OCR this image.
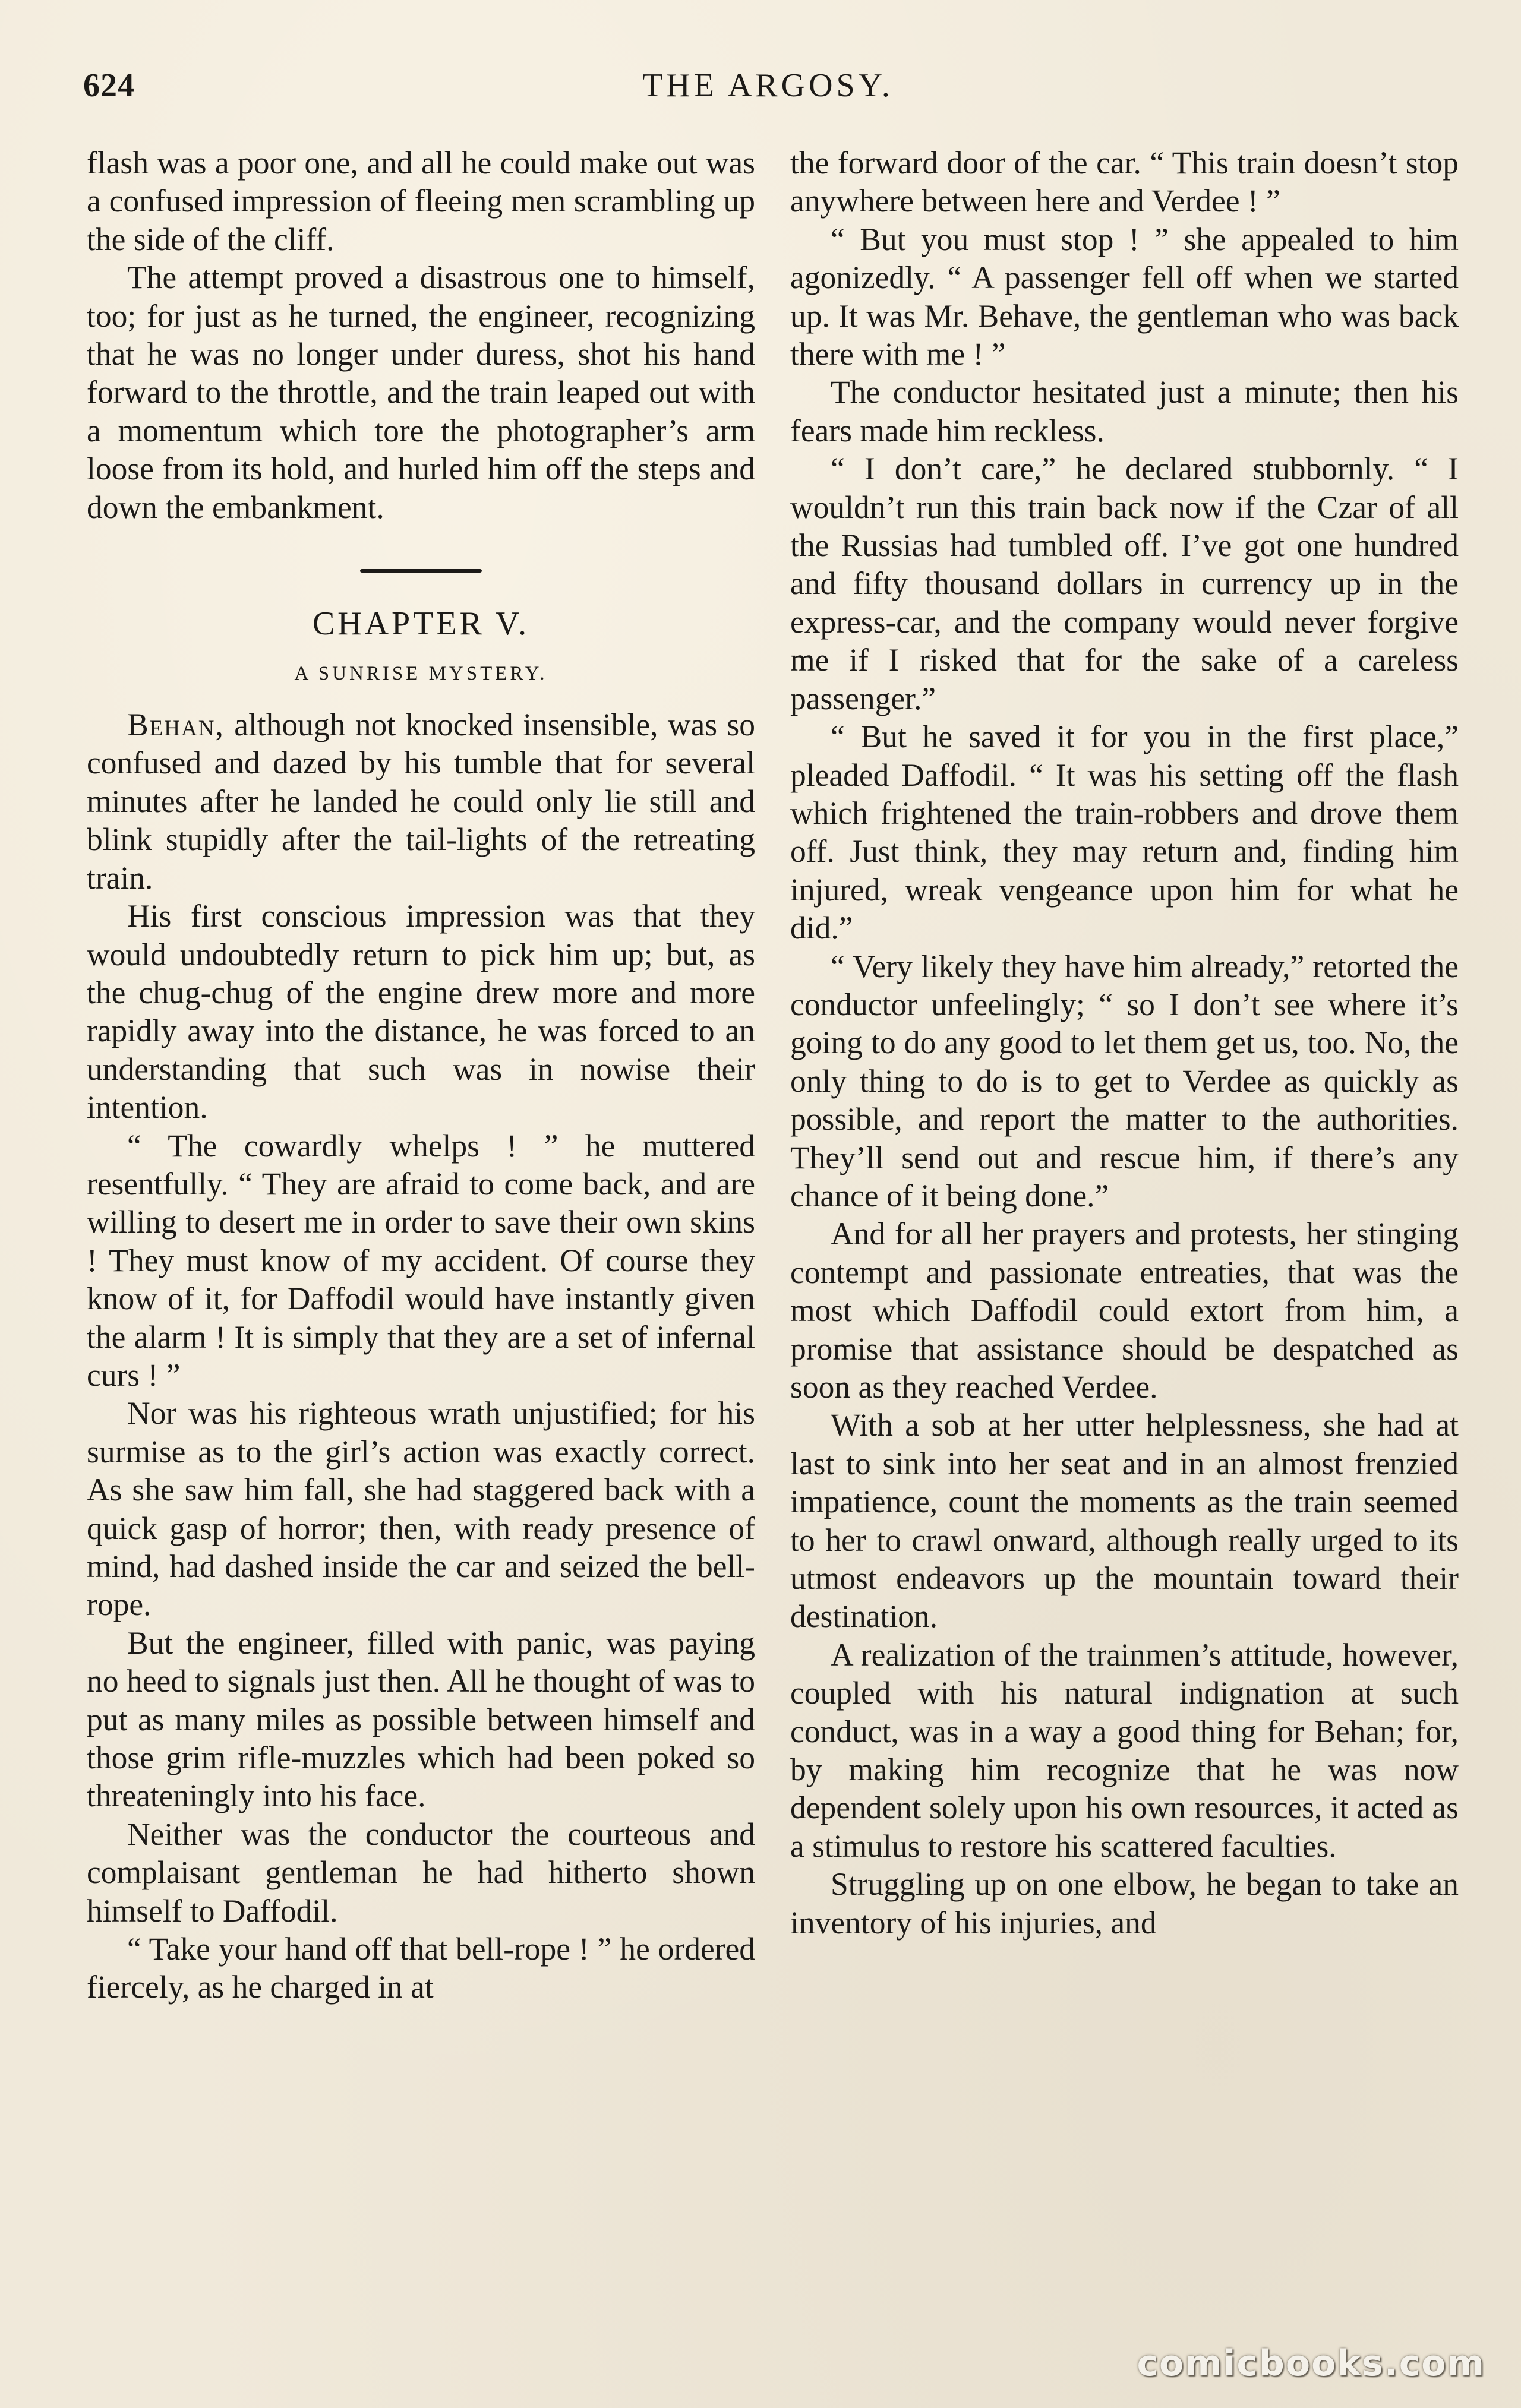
624	THE ARGOSY.

flash was a poor one, and all he could make out was a confused impression of fleeing men scrambling up the side of the cliff.

The attempt proved a disastrous one to himself, too; for just as he turned, the engineer, recognizing that he was no longer under duress, shot his hand forward to the throttle, and the train leaped out with a momentum which tore the photographer’s arm loose from its hold, and hurled him off the steps and down the embankment.

CHAPTER V.
A SUNRISE MYSTERY.

Behan, although not knocked insensible, was so confused and dazed by his tumble that for several minutes after he landed he could only lie still and blink stupidly after the tail-lights of the retreating train.

His first conscious impression was that they would undoubtedly return to pick him up; but, as the chug-chug of the engine drew more and more rapidly away into the distance, he was forced to an understanding that such was in nowise their intention.

“ The cowardly whelps ! ” he muttered resentfully. “ They are afraid to come back, and are willing to desert me in order to save their own skins ! They must know of my accident. Of course they know of it, for Daffodil would have instantly given the alarm ! It is simply that they are a set of infernal curs ! ”

Nor was his righteous wrath unjustified; for his surmise as to the girl’s action was exactly correct. As she saw him fall, she had staggered back with a quick gasp of horror; then, with ready presence of mind, had dashed inside the car and seized the bell-rope.

But the engineer, filled with panic, was paying no heed to signals just then. All he thought of was to put as many miles as possible between himself and those grim rifle-muzzles which had been poked so threateningly into his face.

Neither was the conductor the courteous and complaisant gentleman he had hitherto shown himself to Daffodil.

“ Take your hand off that bell-rope ! ” he ordered fiercely, as he charged in at

the forward door of the car. “ This train doesn’t stop anywhere between here and Verdee ! ”

“ But you must stop ! ” she appealed to him agonizedly. “ A passenger fell off when we started up. It was Mr. Behave, the gentleman who was back there with me ! ”

The conductor hesitated just a minute; then his fears made him reckless.

“ I don’t care,” he declared stubbornly. “ I wouldn’t run this train back now if the Czar of all the Russias had tumbled off. I’ve got one hundred and fifty thousand dollars in currency up in the express-car, and the company would never forgive me if I risked that for the sake of a careless passenger.”

“ But he saved it for you in the first place,” pleaded Daffodil. “ It was his setting off the flash which frightened the train-robbers and drove them off. Just think, they may return and, finding him injured, wreak vengeance upon him for what he did.”

“ Very likely they have him already,” retorted the conductor unfeelingly; “ so I don’t see where it’s going to do any good to let them get us, too. No, the only thing to do is to get to Verdee as quickly as possible, and report the matter to the authorities. They’ll send out and rescue him, if there’s any chance of it being done.”

And for all her prayers and protests, her stinging contempt and passionate entreaties, that was the most which Daffodil could extort from him, a promise that assistance should be despatched as soon as they reached Verdee.

With a sob at her utter helplessness, she had at last to sink into her seat and in an almost frenzied impatience, count the moments as the train seemed to her to crawl onward, although really urged to its utmost endeavors up the mountain toward their destination.

A realization of the trainmen’s attitude, however, coupled with his natural indignation at such conduct, was in a way a good thing for Behan; for, by making him recognize that he was now dependent solely upon his own resources, it acted as a stimulus to restore his scattered faculties.

Struggling up on one elbow, he began to take an inventory of his injuries, and

comicbooks.com
